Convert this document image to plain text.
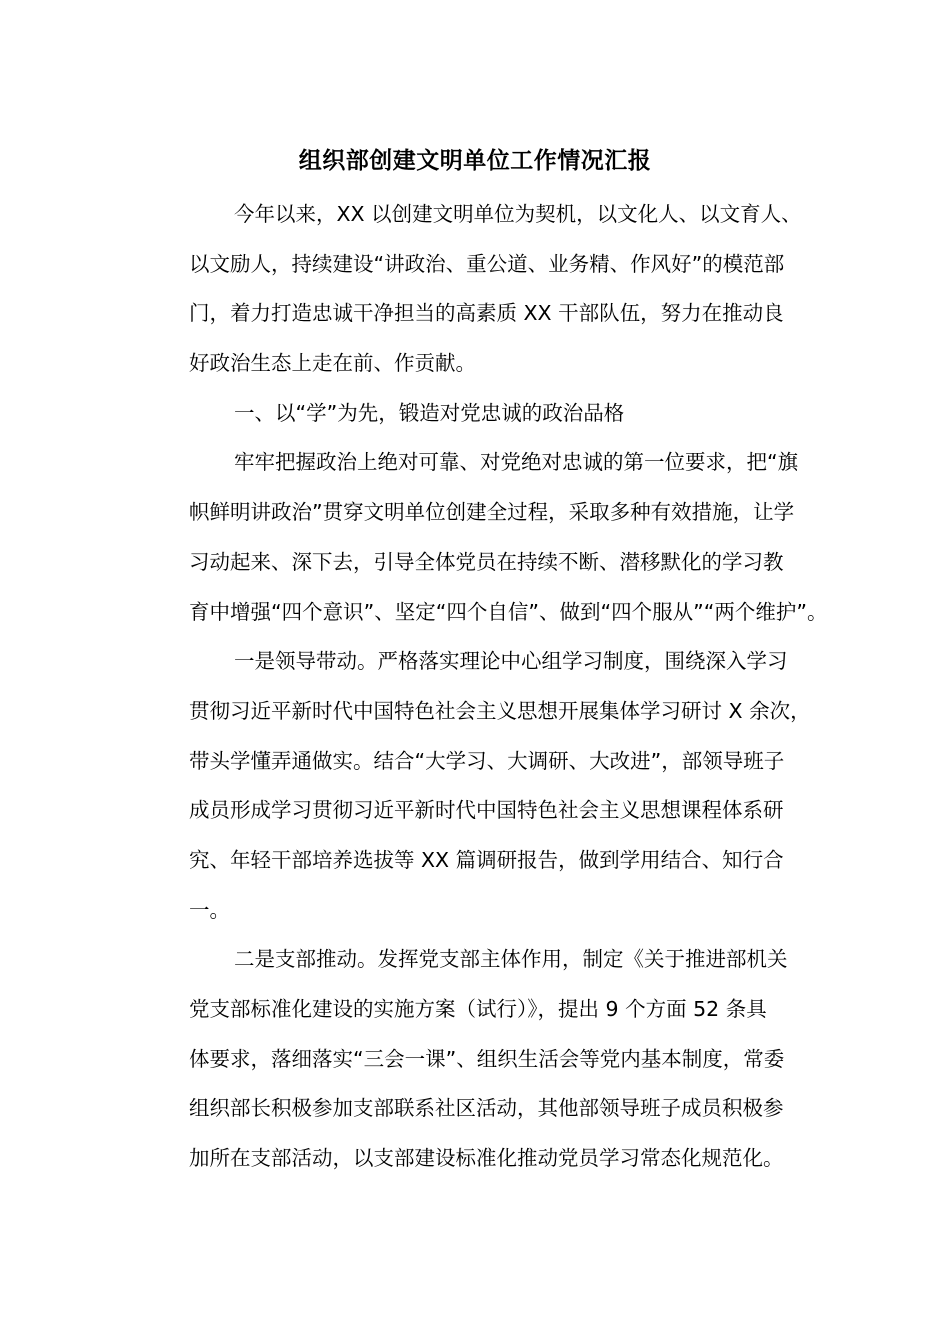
组织部创建文明单位工作情况汇报
今年以来，XX 以创建文明单位为契机，以文化人、以文育人、
以文励人，持续建设“讲政治、重公道、业务精、作风好”的模范部
门，着力打造忠诚干净担当的高素质 XX 干部队伍，努力在推动良
好政治生态上走在前、作贡献。
一、以“学”为先，锻造对党忠诚的政治品格
牢牢把握政治上绝对可靠、对党绝对忠诚的第一位要求，把“旗
帜鲜明讲政治”贯穿文明单位创建全过程，采取多种有效措施，让学
习动起来、深下去，引导全体党员在持续不断、潜移默化的学习教
育中增强“四个意识”、坚定“四个自信”、做到“四个服从”“两个维护”。
一是领导带动。严格落实理论中心组学习制度，围绕深入学习
贯彻习近平新时代中国特色社会主义思想开展集体学习研讨 X 余次，
带头学懂弄通做实。结合“大学习、大调研、大改进”，部领导班子
成员形成学习贯彻习近平新时代中国特色社会主义思想课程体系研
究、年轻干部培养选拔等 XX 篇调研报告，做到学用结合、知行合
一。
二是支部推动。发挥党支部主体作用，制定《关于推进部机关
党支部标准化建设的实施方案（试行）》，提出 9 个方面 52 条具
体要求，落细落实“三会一课”、组织生活会等党内基本制度，常委
组织部长积极参加支部联系社区活动，其他部领导班子成员积极参
加所在支部活动，以支部建设标准化推动党员学习常态化规范化。
